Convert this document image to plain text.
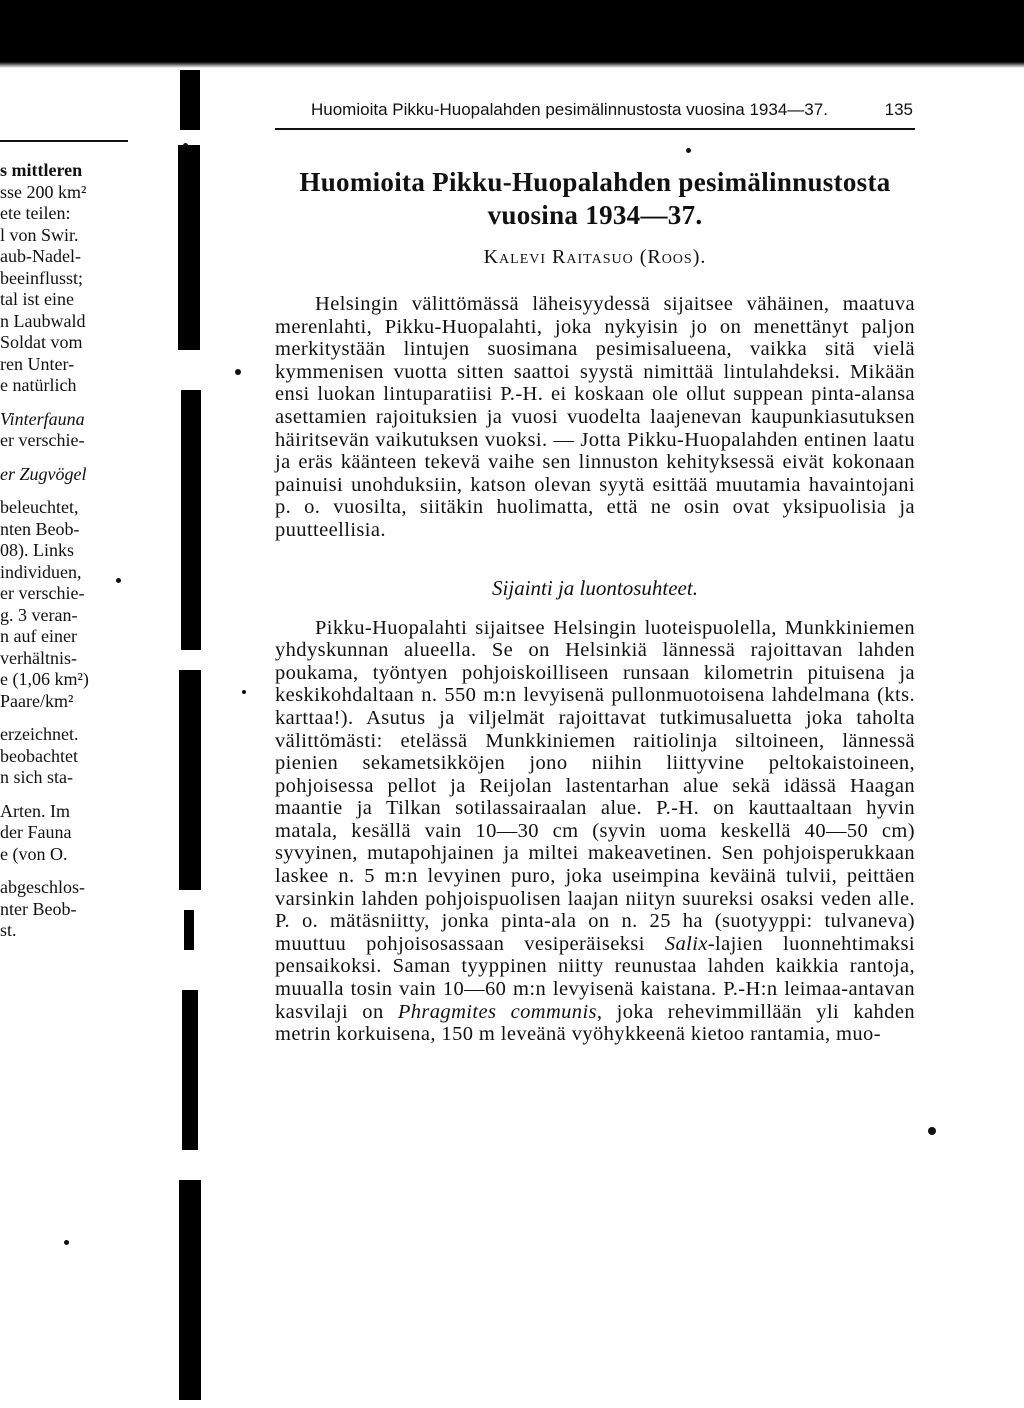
s mittleren
sse 200 km²
ete teilen:
l von Swir.
aub-Nadel-
beeinflusst;
tal ist eine
n Laubwald
Soldat vom
ren Unter-
e natürlich
Vinterfauna
er verschie-
er Zugvögel
beleuchtet,
nten Beob-
08). Links
individuen,
er verschie-
g. 3 veran-
n auf einer
verhältnis-
e (1,06 km²)
Paare/km²
erzeichnet.
beobachtet
n sich sta-
Arten. Im
der Fauna
e (von O.
abgeschlos-
nter Beob-
st.
Huomioita Pikku-Huopalahden pesimälinnustosta vuosina 1934—37.	135
Huomioita Pikku-Huopalahden pesimälinnustosta vuosina 1934—37.
Kalevi Raitasuo (Roos).

Helsingin välittömässä läheisyydessä sijaitsee vähäinen, maatuva merenlahti, Pikku-Huopalahti, joka nykyisin jo on menettänyt paljon merkitystään lintujen suosimana pesimisalueena, vaikka sitä vielä kymmenisen vuotta sitten saattoi syystä nimittää lintulahdeksi. Mikään ensi luokan lintuparatiisi P.-H. ei koskaan ole ollut suppean pinta-alansa asettamien rajoituksien ja vuosi vuodelta laajenevan kaupunkiasutuksen häiritsevän vaikutuksen vuoksi. — Jotta Pikku-Huopalahden entinen laatu ja eräs käänteen tekevä vaihe sen linnuston kehityksessä eivät kokonaan painuisi unohduksiin, katson olevan syytä esittää muutamia havaintojani p. o. vuosilta, siitäkin huolimatta, että ne osin ovat yksipuolisia ja puutteellisia.

Sijainti ja luontosuhteet.

Pikku-Huopalahti sijaitsee Helsingin luoteispuolella, Munkkiniemen yhdyskunnan alueella. Se on Helsinkiä lännessä rajoittavan lahden poukama, työntyen pohjoiskoilliseen runsaan kilometrin pituisena ja keskikohdaltaan n. 550 m:n levyisenä pullonmuotoisena lahdelmana (kts. karttaa!). Asutus ja viljelmät rajoittavat tutkimusaluetta joka taholta välittömästi: etelässä Munkkiniemen raitiolinja siltoineen, lännessä pienien sekametsikköjen jono niihin liittyvine peltokaistoineen, pohjoisessa pellot ja Reijolan lastentarhan alue sekä idässä Haagan maantie ja Tilkan sotilassairaalan alue. P.-H. on kauttaaltaan hyvin matala, kesällä vain 10—30 cm (syvin uoma keskellä 40—50 cm) syvyinen, mutapohjainen ja miltei makeavetinen. Sen pohjoisperukkaan laskee n. 5 m:n levyinen puro, joka useimpina keväinä tulvii, peittäen varsinkin lahden pohjoispuolisen laajan niityn suureksi osaksi veden alle. P. o. mätäsniitty, jonka pinta-ala on n. 25 ha (suotyyppi: tulvaneva) muuttuu pohjoisosassaan vesiperäiseksi Salix-lajien luonnehtimaksi pensaikoksi. Saman tyyppinen niitty reunustaa lahden kaikkia rantoja, muualla tosin vain 10—60 m:n levyisenä kaistana. P.-H:n leimaa-antavan kasvilaji on Phragmites communis, joka rehevimmillään yli kahden metrin korkuisena, 150 m leveänä vyöhykkeenä kietoo rantamia, muo-
